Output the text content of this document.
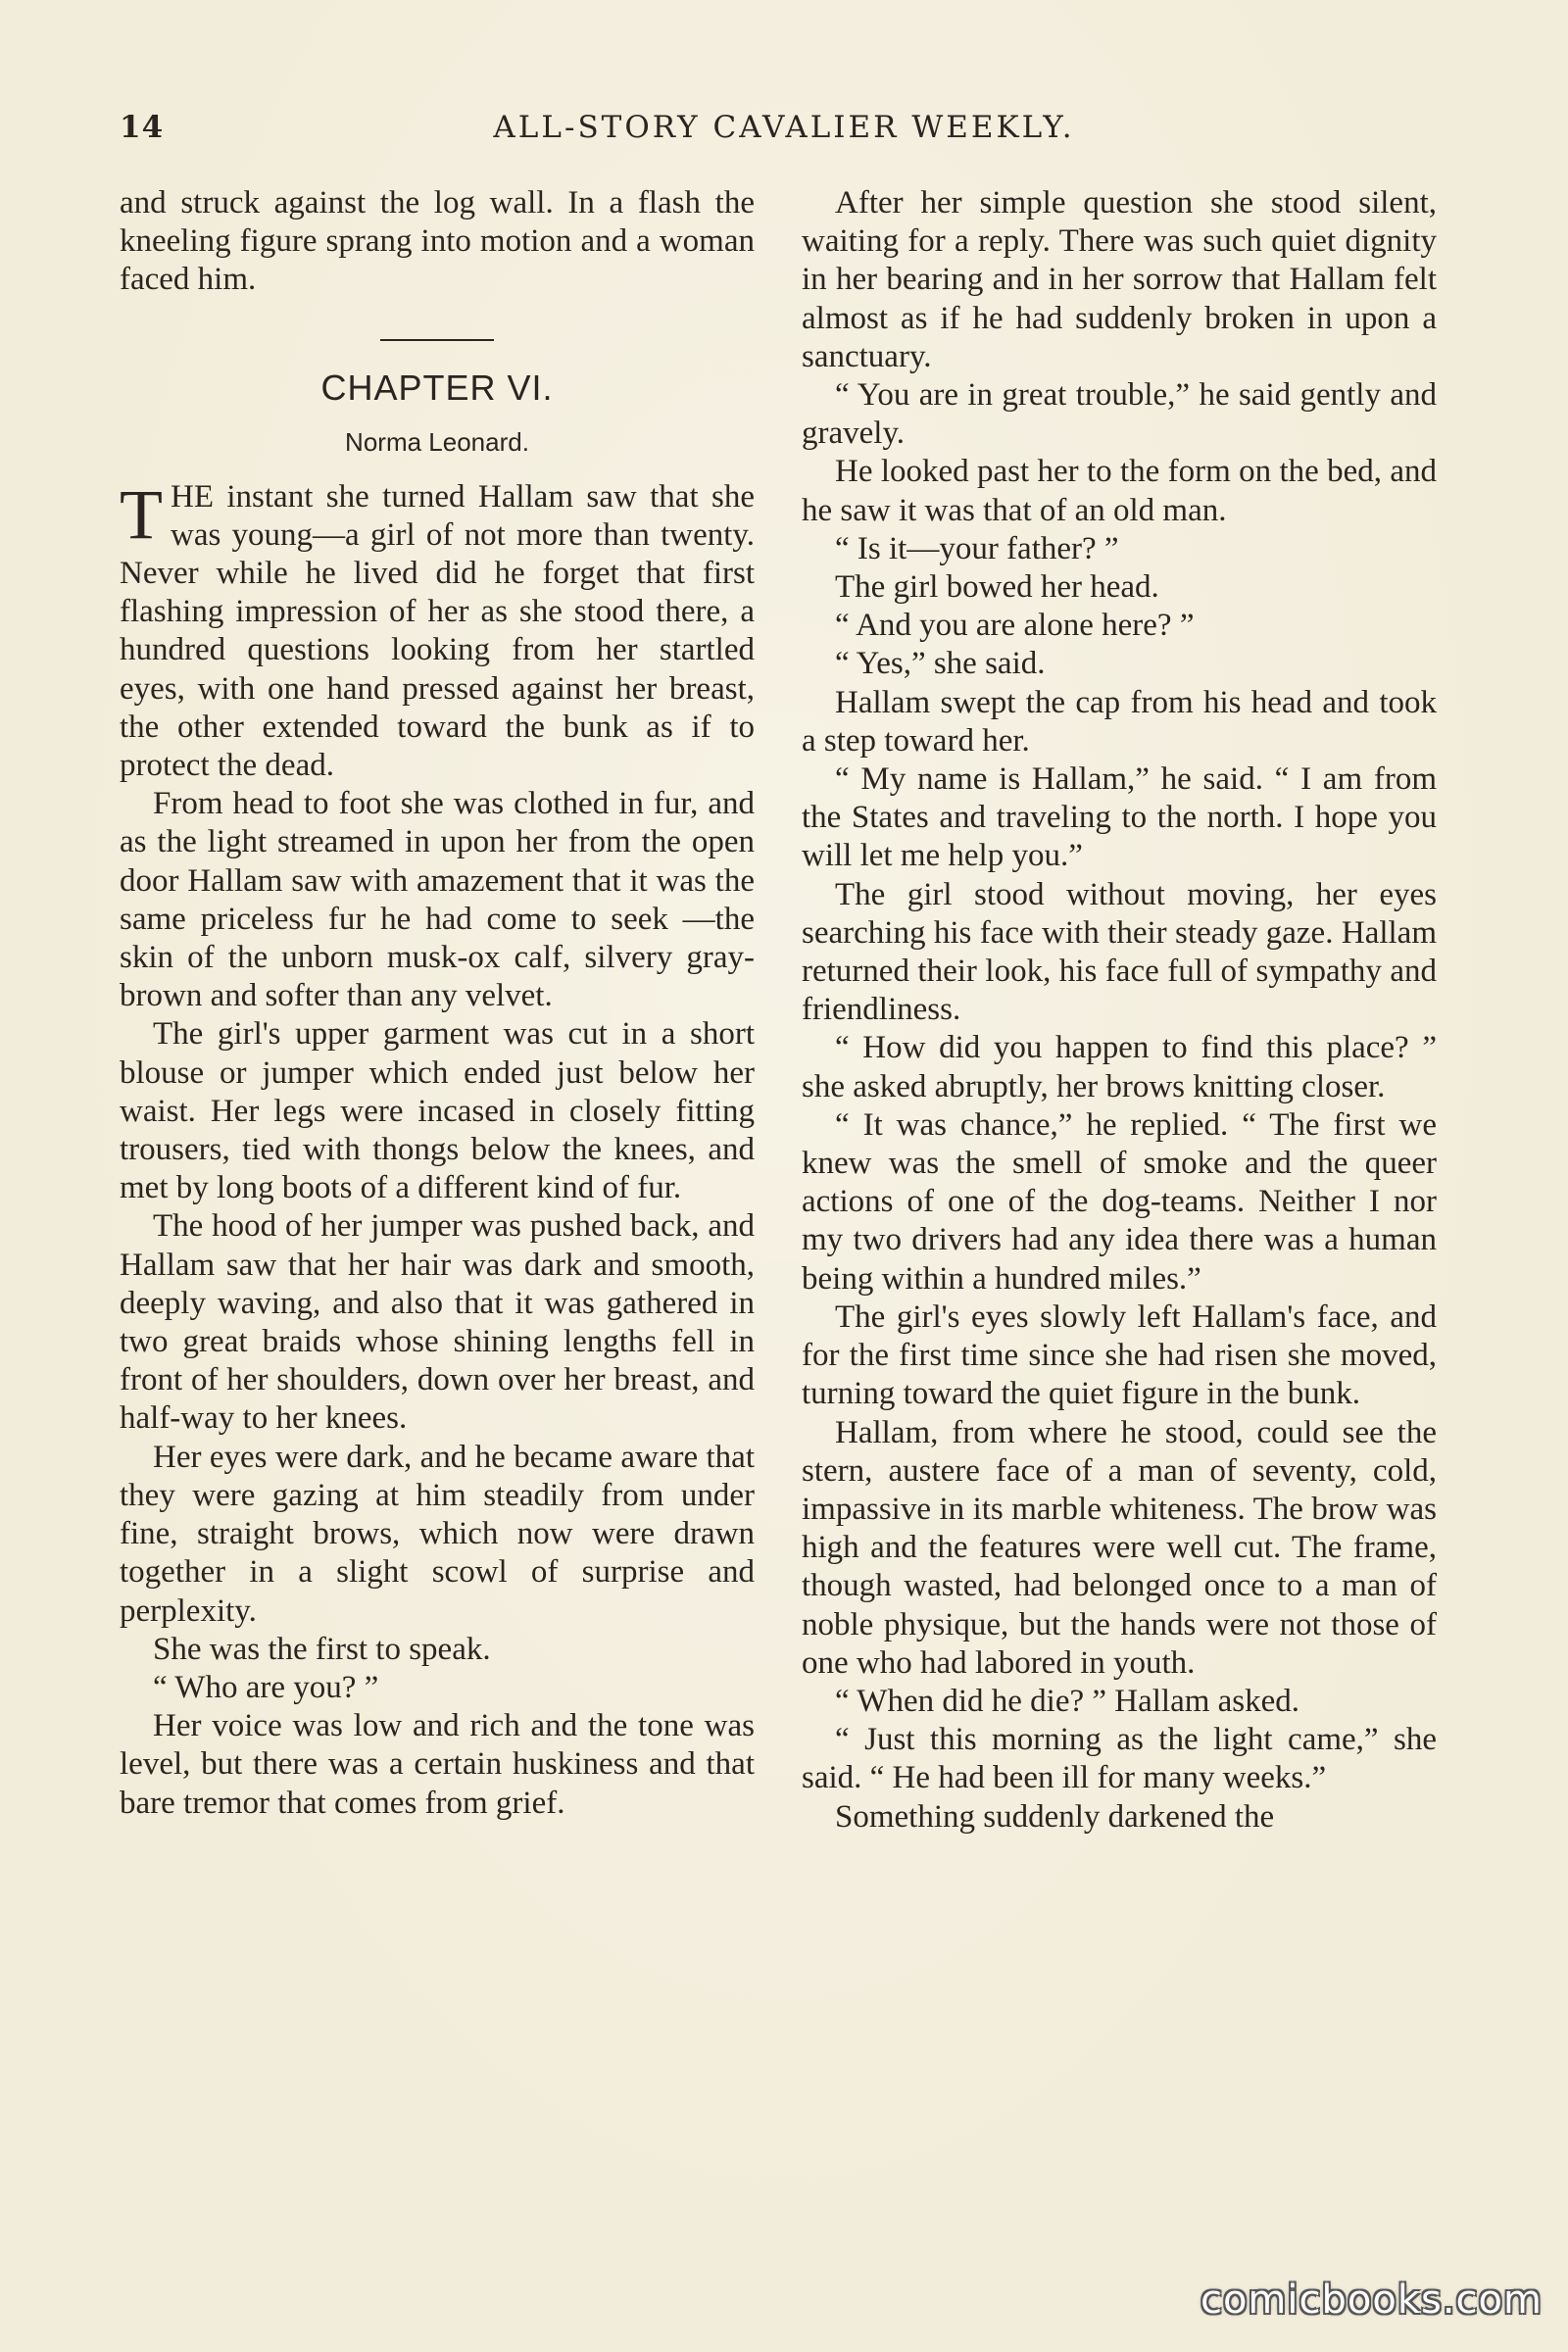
14	ALL-STORY CAVALIER WEEKLY.

and struck against the log wall. In a flash the kneeling figure sprang into motion and a woman faced him.

CHAPTER VI.
Norma Leonard.

THE instant she turned Hallam saw that she was young—a girl of not more than twenty. Never while he lived did he forget that first flashing impression of her as she stood there, a hundred questions looking from her startled eyes, with one hand pressed against her breast, the other extended toward the bunk as if to protect the dead.

From head to foot she was clothed in fur, and as the light streamed in upon her from the open door Hallam saw with amazement that it was the same priceless fur he had come to seek —the skin of the unborn musk-ox calf, silvery gray-brown and softer than any velvet.

The girl's upper garment was cut in a short blouse or jumper which ended just below her waist. Her legs were incased in closely fitting trousers, tied with thongs below the knees, and met by long boots of a different kind of fur.

The hood of her jumper was pushed back, and Hallam saw that her hair was dark and smooth, deeply waving, and also that it was gathered in two great braids whose shining lengths fell in front of her shoulders, down over her breast, and half-way to her knees.

Her eyes were dark, and he became aware that they were gazing at him steadily from under fine, straight brows, which now were drawn together in a slight scowl of surprise and perplexity.

She was the first to speak.

“ Who are you? ”

Her voice was low and rich and the tone was level, but there was a certain huskiness and that bare tremor that comes from grief.

After her simple question she stood silent, waiting for a reply. There was such quiet dignity in her bearing and in her sorrow that Hallam felt almost as if he had suddenly broken in upon a sanctuary.

“ You are in great trouble,” he said gently and gravely.

He looked past her to the form on the bed, and he saw it was that of an old man.

“ Is it—your father? ”

The girl bowed her head.

“ And you are alone here? ”

“ Yes,” she said.

Hallam swept the cap from his head and took a step toward her.

“ My name is Hallam,” he said. “ I am from the States and traveling to the north. I hope you will let me help you.”

The girl stood without moving, her eyes searching his face with their steady gaze. Hallam returned their look, his face full of sympathy and friendliness.

“ How did you happen to find this place? ” she asked abruptly, her brows knitting closer.

“ It was chance,” he replied. “ The first we knew was the smell of smoke and the queer actions of one of the dog-teams. Neither I nor my two drivers had any idea there was a human being within a hundred miles.”

The girl's eyes slowly left Hallam's face, and for the first time since she had risen she moved, turning toward the quiet figure in the bunk.

Hallam, from where he stood, could see the stern, austere face of a man of seventy, cold, impassive in its marble whiteness. The brow was high and the features were well cut. The frame, though wasted, had belonged once to a man of noble physique, but the hands were not those of one who had labored in youth.

“ When did he die? ” Hallam asked.

“ Just this morning as the light came,” she said. “ He had been ill for many weeks.”

Something suddenly darkened the

comicbooks.com
